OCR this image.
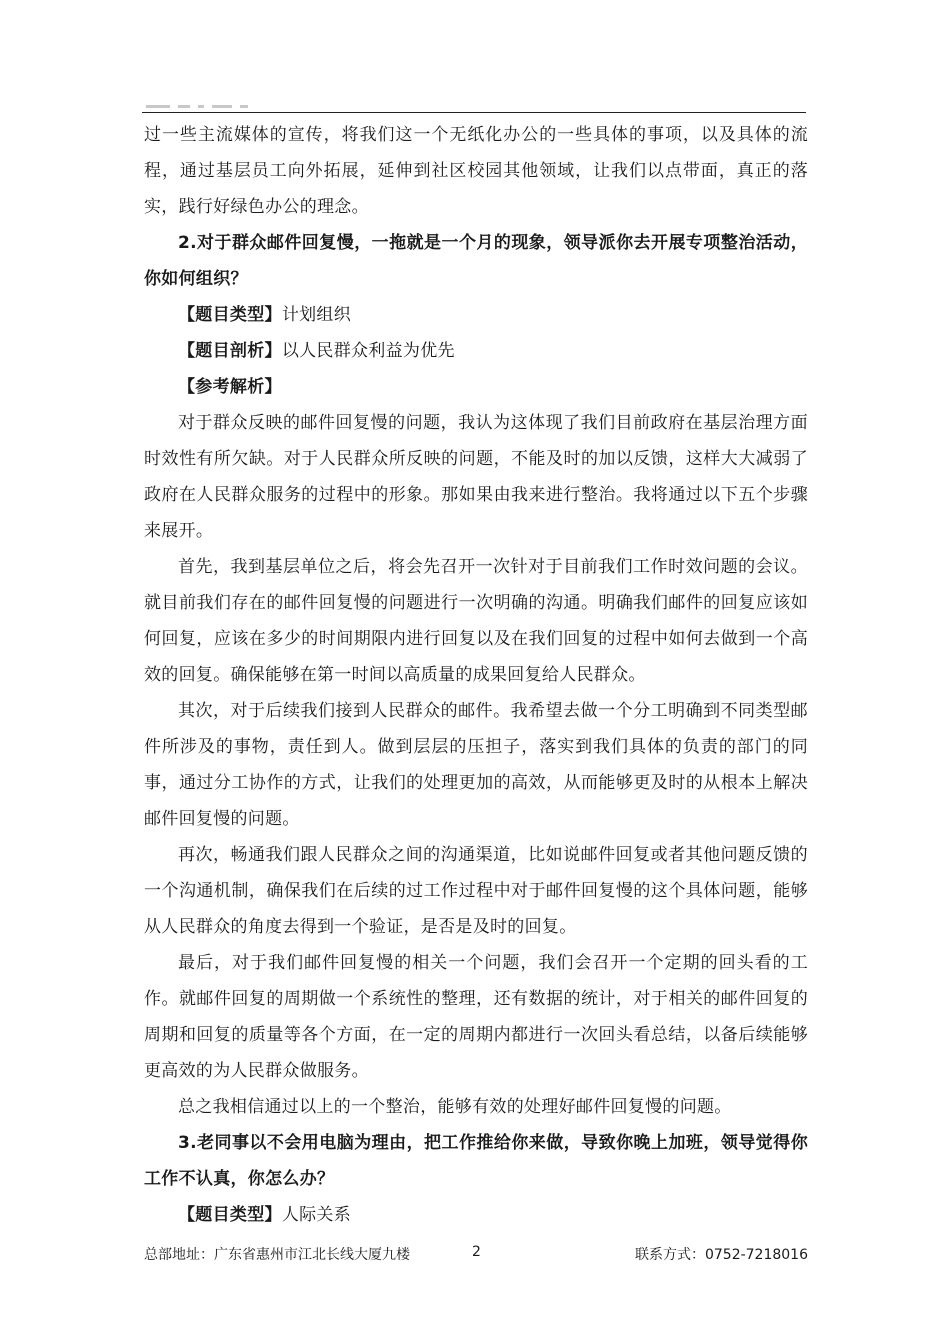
过一些主流媒体的宣传，将我们这一个无纸化办公的一些具体的事项，以及具体的流程，通过基层员工向外拓展，延伸到社区校园其他领域，让我们以点带面，真正的落实，践行好绿色办公的理念。

2.对于群众邮件回复慢，一拖就是一个月的现象，领导派你去开展专项整治活动，你如何组织？

【题目类型】计划组织

【题目剖析】以人民群众利益为优先

【参考解析】

对于群众反映的邮件回复慢的问题，我认为这体现了我们目前政府在基层治理方面时效性有所欠缺。对于人民群众所反映的问题，不能及时的加以反馈，这样大大减弱了政府在人民群众服务的过程中的形象。那如果由我来进行整治。我将通过以下五个步骤来展开。

首先，我到基层单位之后，将会先召开一次针对于目前我们工作时效问题的会议。就目前我们存在的邮件回复慢的问题进行一次明确的沟通。明确我们邮件的回复应该如何回复，应该在多少的时间期限内进行回复以及在我们回复的过程中如何去做到一个高效的回复。确保能够在第一时间以高质量的成果回复给人民群众。

其次，对于后续我们接到人民群众的邮件。我希望去做一个分工明确到不同类型邮件所涉及的事物，责任到人。做到层层的压担子，落实到我们具体的负责的部门的同事，通过分工协作的方式，让我们的处理更加的高效，从而能够更及时的从根本上解决邮件回复慢的问题。

再次，畅通我们跟人民群众之间的沟通渠道，比如说邮件回复或者其他问题反馈的一个沟通机制，确保我们在后续的过工作过程中对于邮件回复慢的这个具体问题，能够从人民群众的角度去得到一个验证，是否是及时的回复。

最后，对于我们邮件回复慢的相关一个问题，我们会召开一个定期的回头看的工作。就邮件回复的周期做一个系统性的整理，还有数据的统计，对于相关的邮件回复的周期和回复的质量等各个方面，在一定的周期内都进行一次回头看总结，以备后续能够更高效的为人民群众做服务。

总之我相信通过以上的一个整治，能够有效的处理好邮件回复慢的问题。

3.老同事以不会用电脑为理由，把工作推给你来做，导致你晚上加班，领导觉得你工作不认真，你怎么办？

【题目类型】人际关系

总部地址：广东省惠州市江北长线大厦九楼	2	联系方式：0752-7218016
